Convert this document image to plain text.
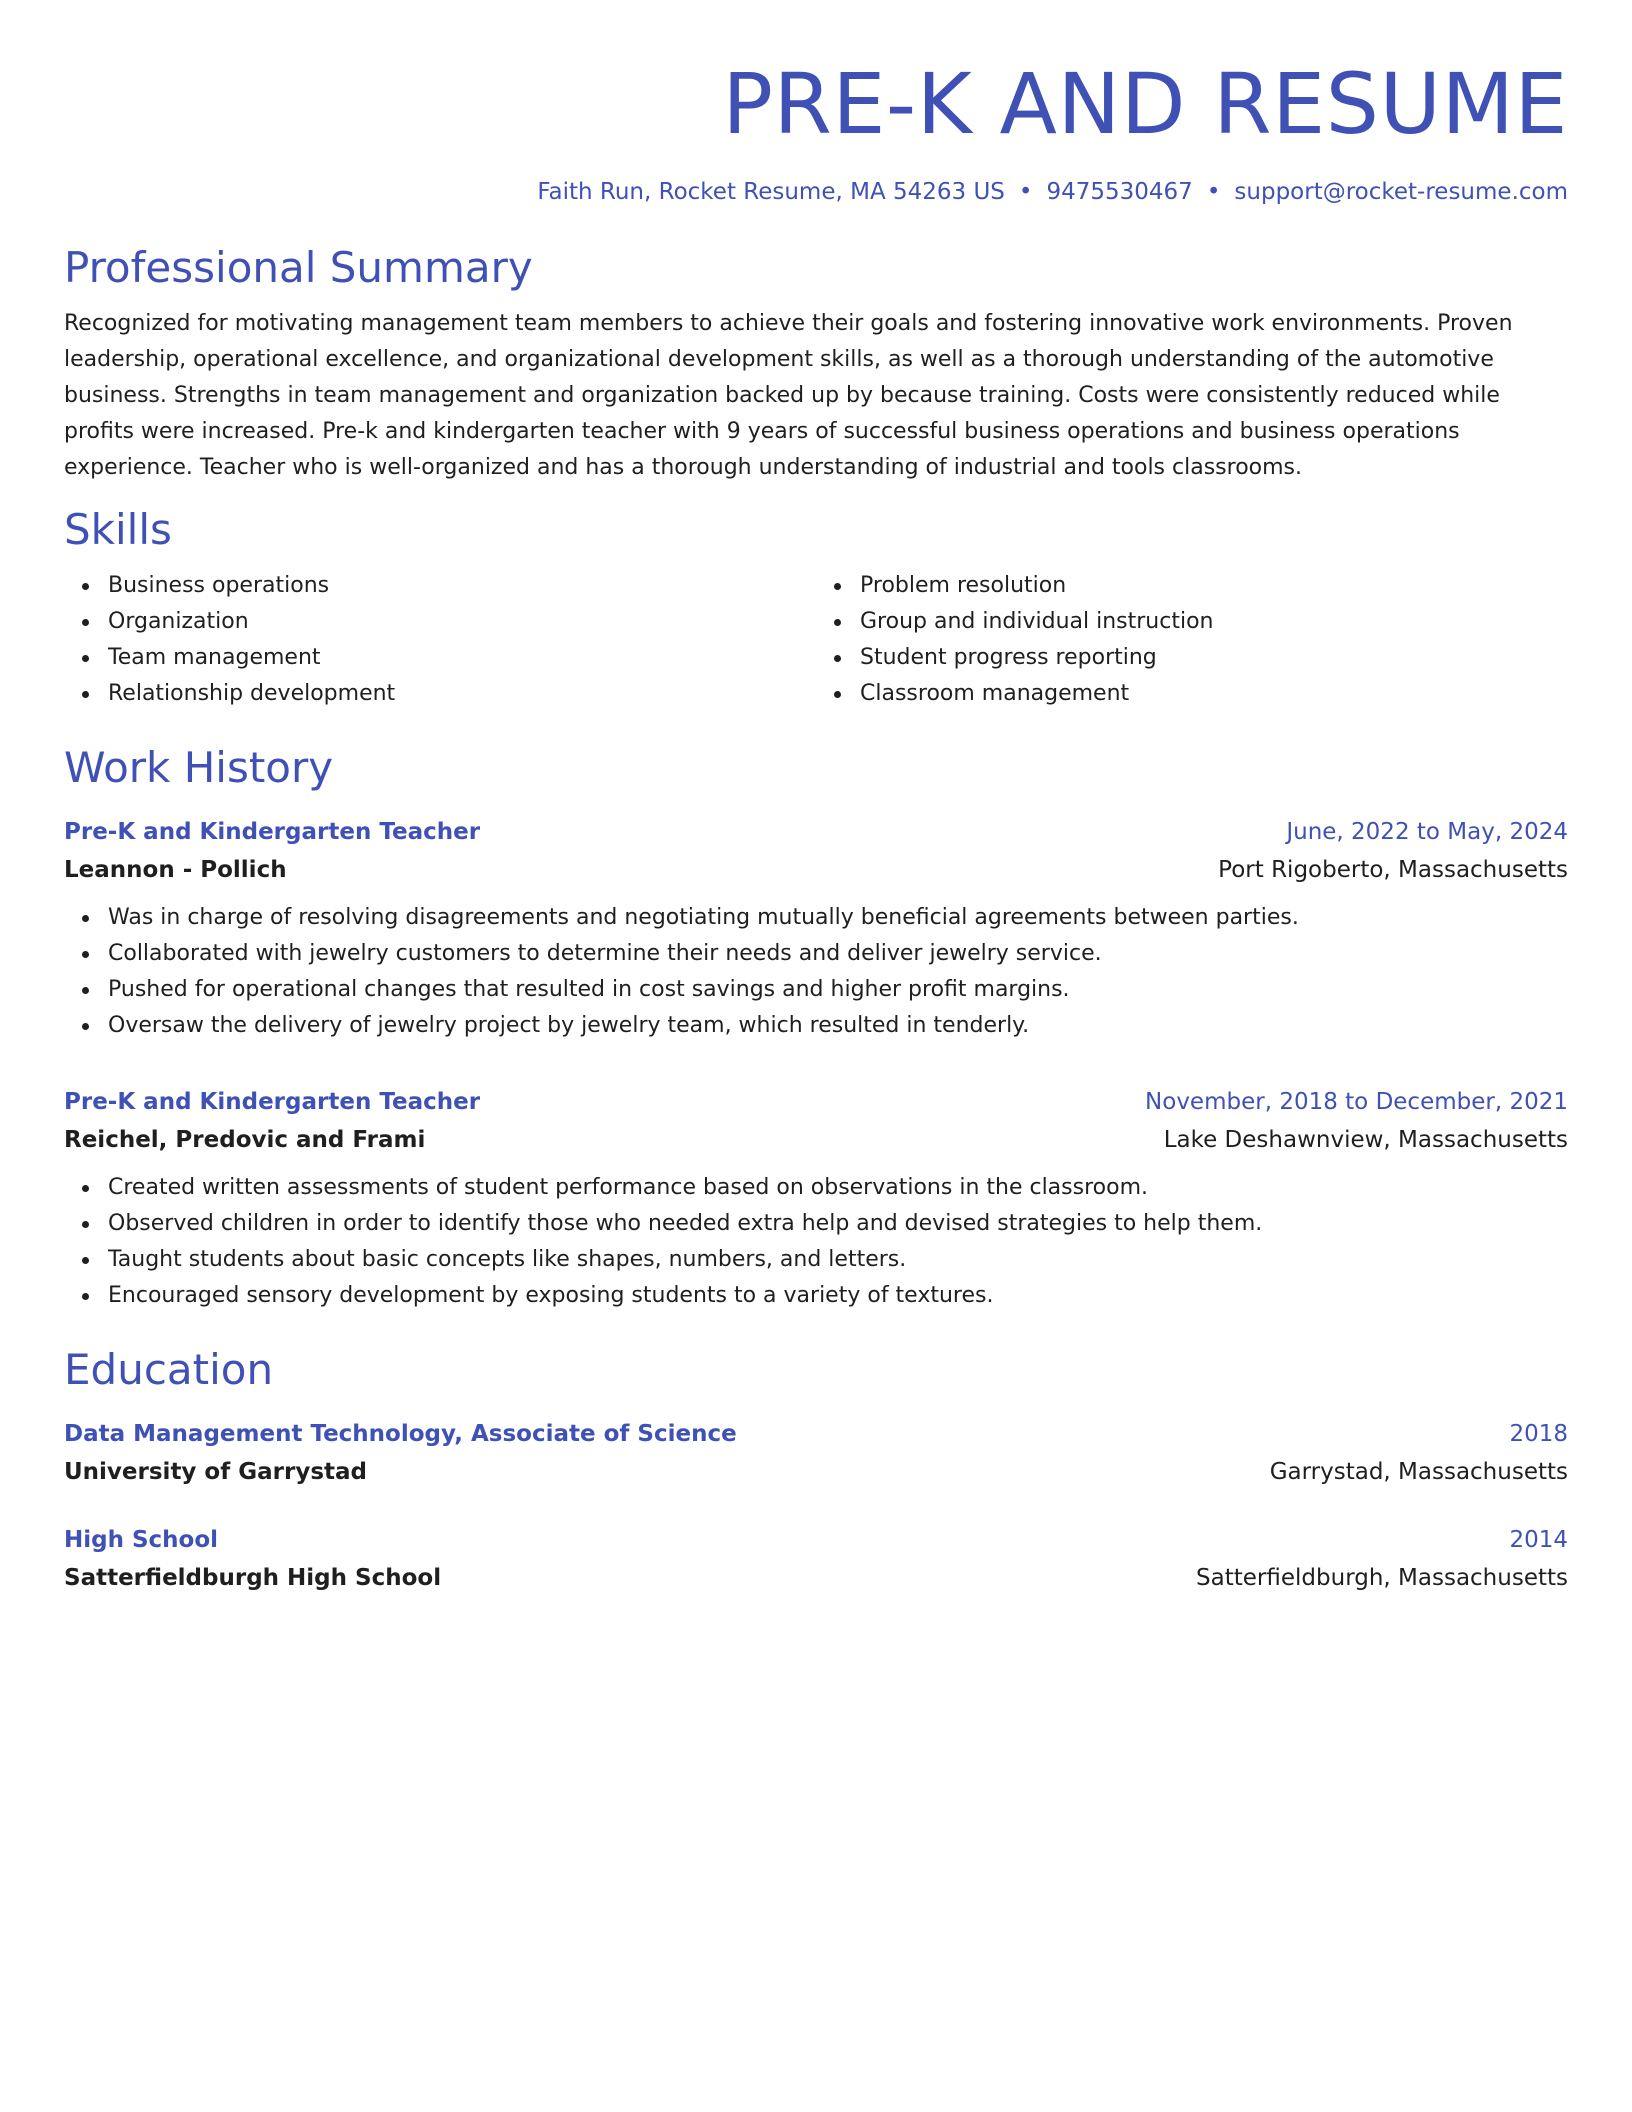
PRE-K AND RESUME
Faith Run, Rocket Resume, MA 54263 US • 9475530467 • support@rocket-resume.com
Professional Summary
Recognized for motivating management team members to achieve their goals and fostering innovative work environments. Proven leadership, operational excellence, and organizational development skills, as well as a thorough understanding of the automotive business. Strengths in team management and organization backed up by because training. Costs were consistently reduced while profits were increased. Pre-k and kindergarten teacher with 9 years of successful business operations and business operations experience. Teacher who is well-organized and has a thorough understanding of industrial and tools classrooms.
Skills
Business operations
Organization
Team management
Relationship development
Problem resolution
Group and individual instruction
Student progress reporting
Classroom management
Work History
Pre-K and Kindergarten Teacher	June, 2022 to May, 2024
Leannon - Pollich	Port Rigoberto, Massachusetts
Was in charge of resolving disagreements and negotiating mutually beneficial agreements between parties.
Collaborated with jewelry customers to determine their needs and deliver jewelry service.
Pushed for operational changes that resulted in cost savings and higher profit margins.
Oversaw the delivery of jewelry project by jewelry team, which resulted in tenderly.
Pre-K and Kindergarten Teacher	November, 2018 to December, 2021
Reichel, Predovic and Frami	Lake Deshawnview, Massachusetts
Created written assessments of student performance based on observations in the classroom.
Observed children in order to identify those who needed extra help and devised strategies to help them.
Taught students about basic concepts like shapes, numbers, and letters.
Encouraged sensory development by exposing students to a variety of textures.
Education
Data Management Technology, Associate of Science	2018
University of Garrystad	Garrystad, Massachusetts
High School	2014
Satterfieldburgh High School	Satterfieldburgh, Massachusetts
